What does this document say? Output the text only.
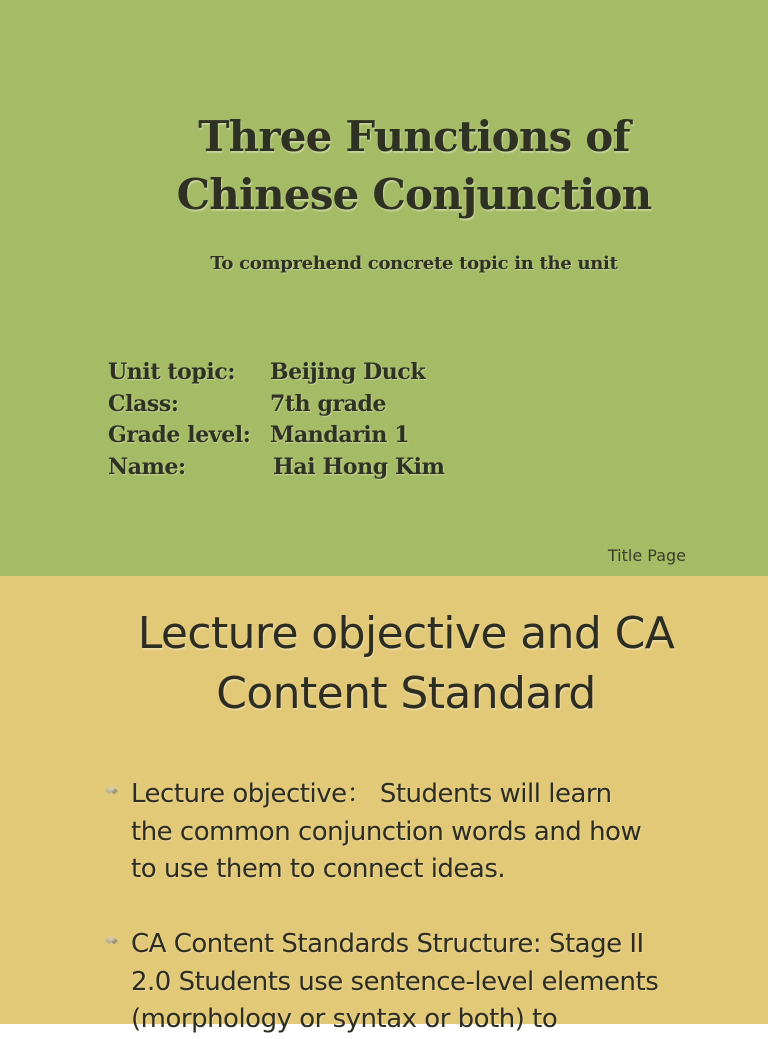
Three Functions of
Chinese Conjunction
To comprehend concrete topic in the unit
Unit topic: Beijing Duck
Class:	7th grade
Grade level: Mandarin 1
Name:	Hai Hong Kim
Title Page
Lecture objective and CA
Content Standard
Lecture objective： Students will learn
the common conjunction words and how
to use them to connect ideas.
CA Content Standards Structure: Stage II
2.0 Students use sentence-level elements
(morphology or syntax or both) to
